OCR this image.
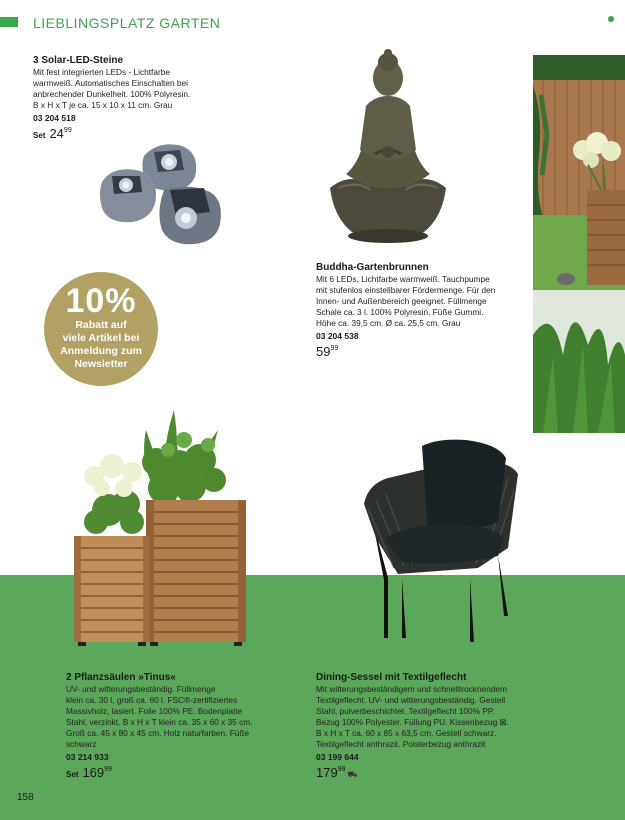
LIEBLINGSPLATZ GARTEN
3 Solar-LED-Steine
Mit fest integrierten LEDs - Lichtfarbe
warmweiß. Automatisches Einschalten bei
anbrechender Dunkelheit. 100% Polyresin.
B x H x T je ca. 15 x 10 x 11 cm. Grau
03 204 518
Set $24^{99}$
Buddha-Gartenbrunnen
Mit 6 LEDs, Lichtfarbe warmweiß. Tauchpumpe
mit stufenlos einstellbarer Fördermenge. Für den
Innen- und Außenbereich geeignet. Füllmenge
Schale ca. 3 l. 100% Polyresin. Füße Gummi.
Höhe ca. 39,5 cm. Ø ca. 25,5 cm. Grau
03 204 538
$59^{99}$
10%
Rabatt auf
viele Artikel bei
Anmeldung zum
Newsletter
2 Pflanzsäulen »Tinus«
UV- und witterungsbeständig. Füllmenge
klein ca. 30 l, groß ca. 60 l. FSC®-zertifiziertes
Massivholz, lasiert. Folie 100% PE. Bodenplatte
Stahl, verzinkt. B x H x T klein ca. 35 x 60 x 35 cm.
Groß ca. 45 x 80 x 45 cm. Holz naturfarben. Füße
schwarz
03 214 933
Set $169^{99}$
Dining-Sessel mit Textilgeflecht
Mit witterungsbeständigem und schnelltrocknendem
Textilgeflecht. UV- und witterungsbeständig. Gestell
Stahl, pulverbeschichtet. Textilgeflecht 100% PP.
Bezug 100% Polyester. Füllung PU. Kissenbezug ⊠.
B x H x T ca. 60 x 85 x 63,5 cm. Gestell schwarz.
Textilgeflecht anthrazit. Polsterbezug anthrazit
03 199 644
$179^{99}⛟$
158
